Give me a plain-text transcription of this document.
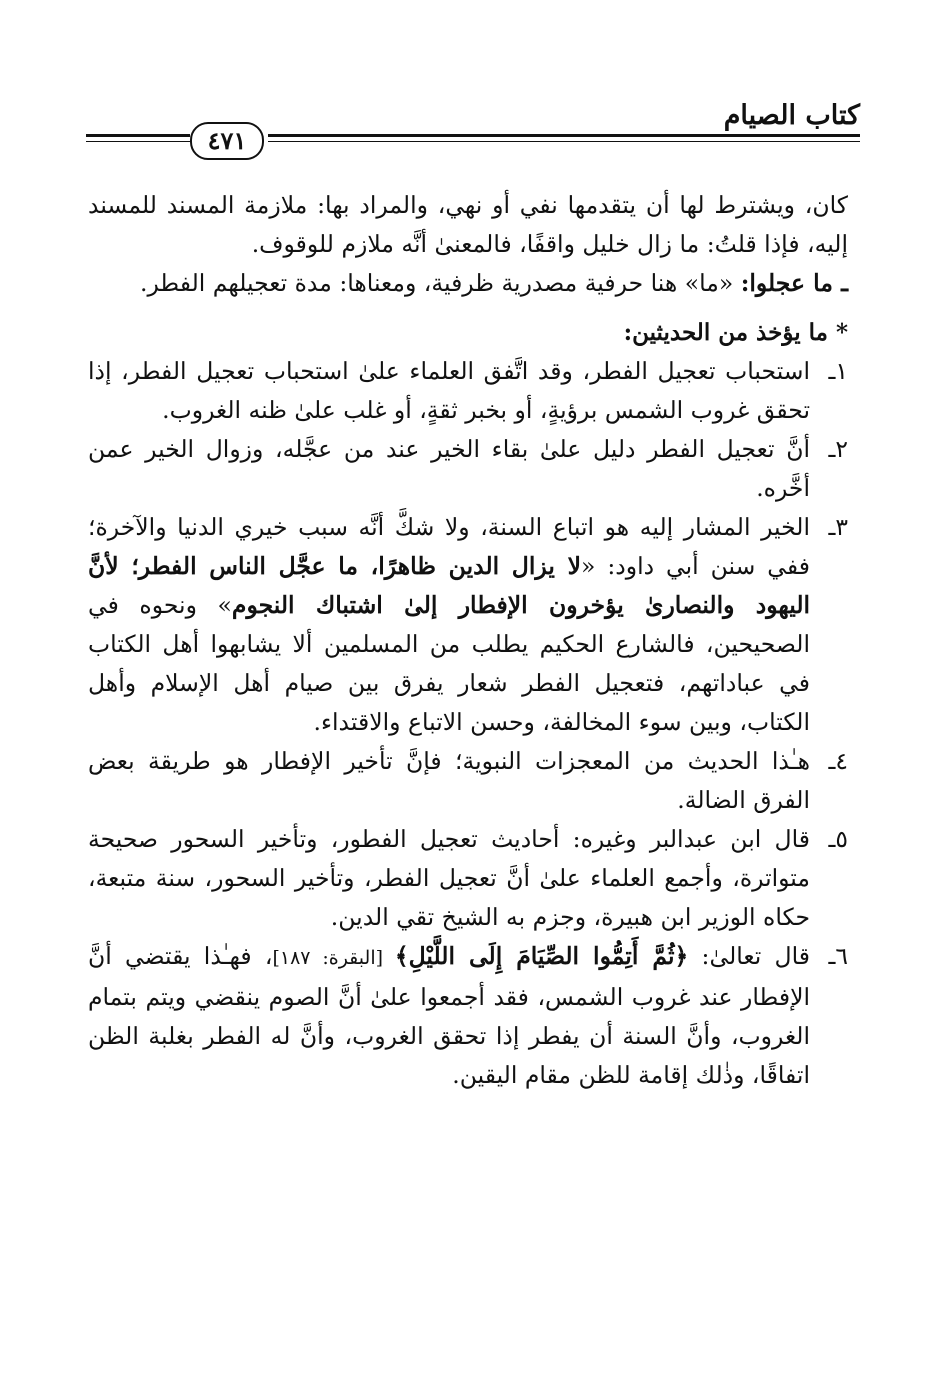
كتاب الصيام
٤٧١

كان، ويشترط لها أن يتقدمها نفي أو نهي، والمراد بها: ملازمة المسند للمسند إليه، فإذا قلتُ: ما زال خليل واقفًا، فالمعنىٰ أنَّه ملازم للوقوف.

ـ ما عجلوا: «ما» هنا حرفية مصدرية ظرفية، ومعناها: مدة تعجيلهم الفطر.

* ما يؤخذ من الحديثين:

١ـ
استحباب تعجيل الفطر، وقد اتَّفق العلماء علىٰ استحباب تعجيل الفطر، إذا تحقق غروب الشمس برؤيةٍ، أو بخبر ثقةٍ، أو غلب علىٰ ظنه الغروب.

٢ـ
أنَّ تعجيل الفطر دليل علىٰ بقاء الخير عند من عجَّله، وزوال الخير عمن أخَّره.

٣ـ
الخير المشار إليه هو اتباع السنة، ولا شكَّ أنَّه سبب خيري الدنيا والآخرة؛ ففي سنن أبي داود: «لا يزال الدين ظاهرًا، ما عجَّل الناس الفطر؛ لأنَّ اليهود والنصارىٰ يؤخرون الإفطار إلىٰ اشتباك النجوم» ونحوه في الصحيحين، فالشارع الحكيم يطلب من المسلمين ألا يشابهوا أهل الكتاب في عباداتهم، فتعجيل الفطر شعار يفرق بين صيام أهل الإسلام وأهل الكتاب، وبين سوء المخالفة، وحسن الاتباع والاقتداء.

٤ـ
هـٰذا الحديث من المعجزات النبوية؛ فإنَّ تأخير الإفطار هو طريقة بعض الفرق الضالة.

٥ـ
قال ابن عبدالبر وغيره: أحاديث تعجيل الفطور، وتأخير السحور صحيحة متواترة، وأجمع العلماء علىٰ أنَّ تعجيل الفطر، وتأخير السحور، سنة متبعة، حكاه الوزير ابن هبيرة، وجزم به الشيخ تقي الدين.

٦ـ
قال تعالىٰ: ﴿ثُمَّ أَتِمُّوا الصِّيَامَ إِلَى اللَّيْلِ﴾ [البقرة: ١٨٧]، فهـٰذا يقتضي أنَّ الإفطار عند غروب الشمس، فقد أجمعوا علىٰ أنَّ الصوم ينقضي ويتم بتمام الغروب، وأنَّ السنة أن يفطر إذا تحقق الغروب، وأنَّ له الفطر بغلبة الظن اتفاقًا، وذٰلك إقامة للظن مقام اليقين.
